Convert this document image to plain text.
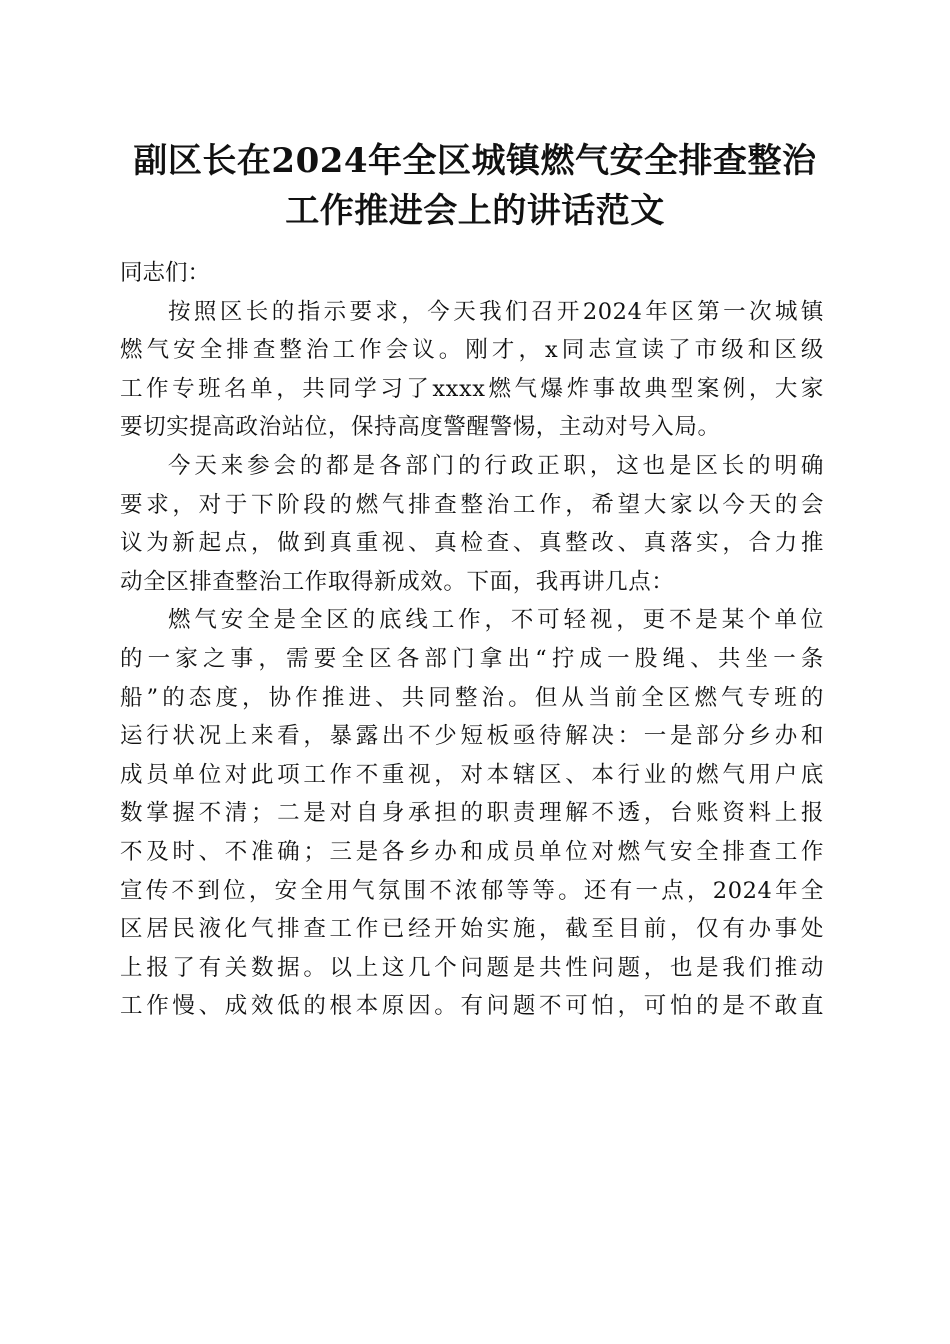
副区长在2024年全区城镇燃气安全排查整治
工作推进会上的讲话范文

同志们：

按照区长的指示要求，今天我们召开2024年区第一次城镇
燃气安全排查整治工作会议。刚才，x同志宣读了市级和区级
工作专班名单，共同学习了xxxx燃气爆炸事故典型案例，大家
要切实提高政治站位，保持高度警醒警惕，主动对号入局。

今天来参会的都是各部门的行政正职，这也是区长的明确
要求，对于下阶段的燃气排查整治工作，希望大家以今天的会
议为新起点，做到真重视、真检查、真整改、真落实，合力推
动全区排查整治工作取得新成效。下面，我再讲几点：

燃气安全是全区的底线工作，不可轻视，更不是某个单位
的一家之事，需要全区各部门拿出“拧成一股绳、共坐一条
船”的态度，协作推进、共同整治。但从当前全区燃气专班的
运行状况上来看，暴露出不少短板亟待解决：一是部分乡办和
成员单位对此项工作不重视，对本辖区、本行业的燃气用户底
数掌握不清；二是对自身承担的职责理解不透，台账资料上报
不及时、不准确；三是各乡办和成员单位对燃气安全排查工作
宣传不到位，安全用气氛围不浓郁等等。还有一点，2024年全
区居民液化气排查工作已经开始实施，截至目前，仅有办事处
上报了有关数据。以上这几个问题是共性问题，也是我们推动
工作慢、成效低的根本原因。有问题不可怕，可怕的是不敢直
